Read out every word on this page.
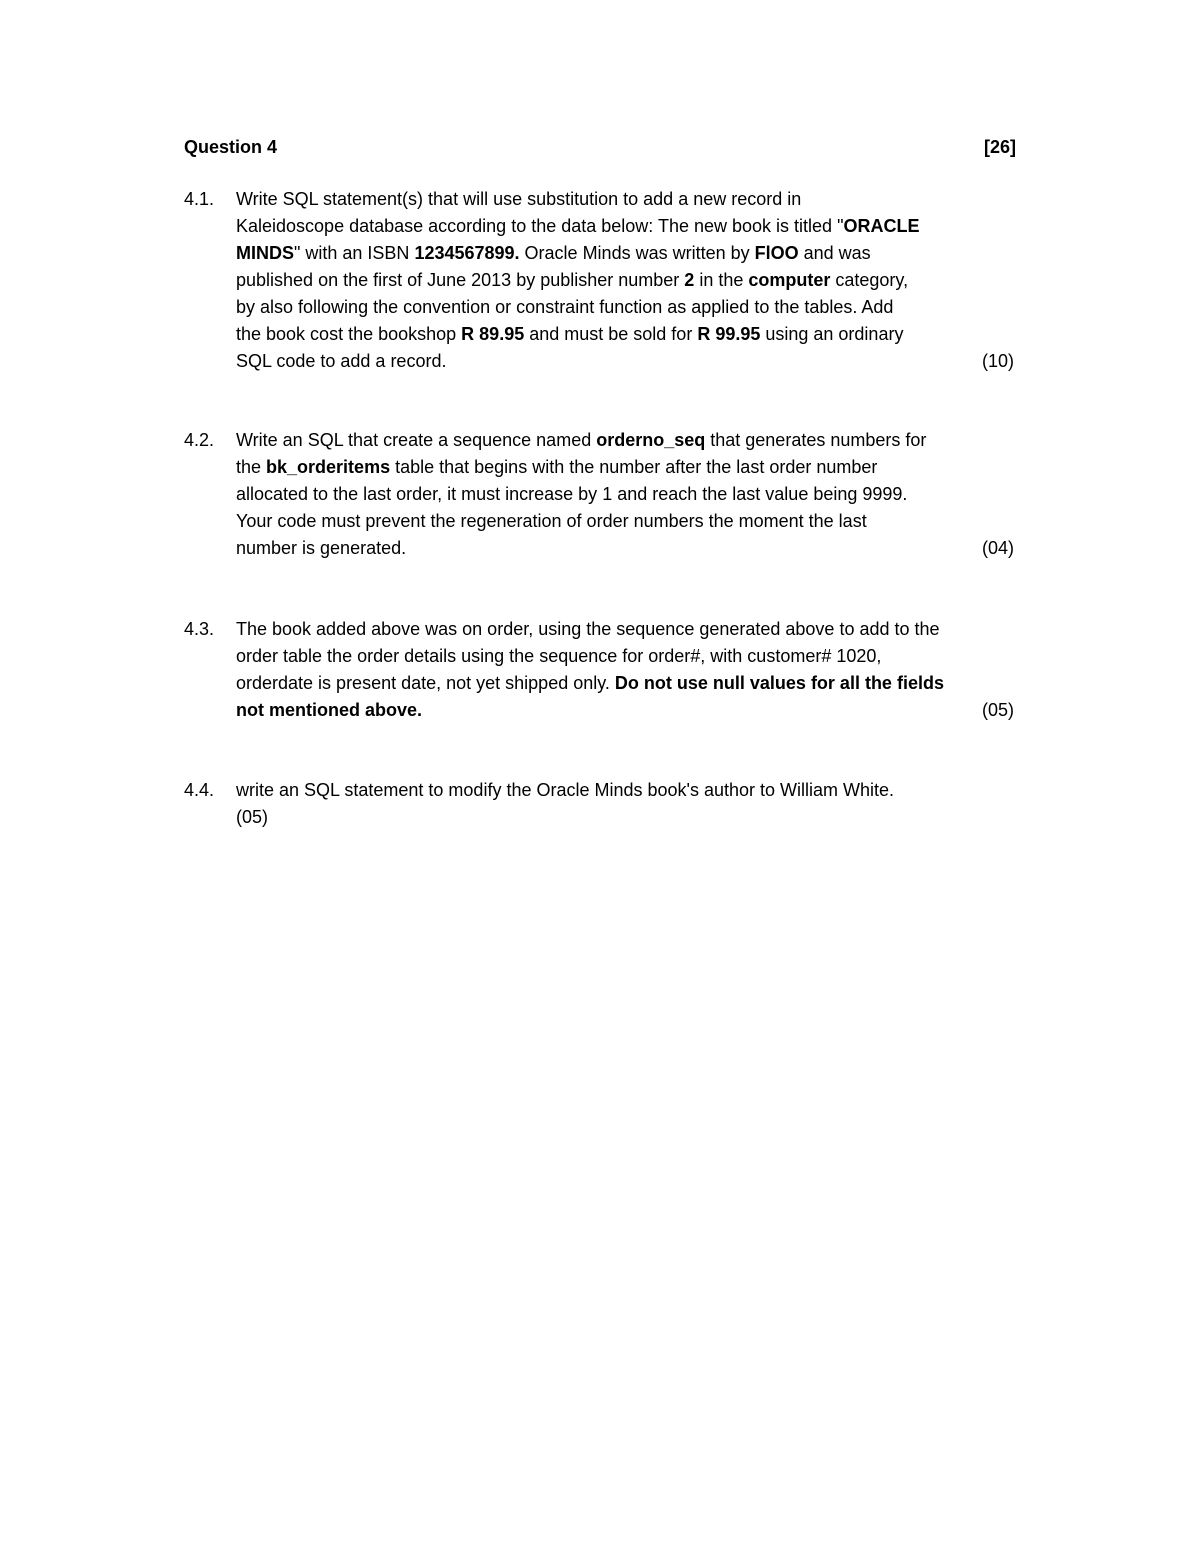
Question 4	[26]
4.1.	Write SQL statement(s) that will use substitution to add a new record in
Kaleidoscope database according to the data below: The new book is titled "ORACLE
MINDS" with an ISBN 1234567899. Oracle Minds was written by FlOO and was
published on the first of June 2013 by publisher number 2 in the computer category,
by also following the convention or constraint function as applied to the tables. Add
the book cost the bookshop R 89.95 and must be sold for R 99.95 using an ordinary
SQL code to add a record.	(10)
4.2.	Write an SQL that create a sequence named orderno_seq that generates numbers for
the bk_orderitems table that begins with the number after the last order number
allocated to the last order, it must increase by 1 and reach the last value being 9999.
Your code must prevent the regeneration of order numbers the moment the last
number is generated.	(04)
4.3.	The book added above was on order, using the sequence generated above to add to the
order table the order details using the sequence for order#, with customer# 1020,
orderdate is present date, not yet shipped only. Do not use null values for all the fields
not mentioned above.	(05)
4.4.	write an SQL statement to modify the Oracle Minds book's author to William White.
(05)
